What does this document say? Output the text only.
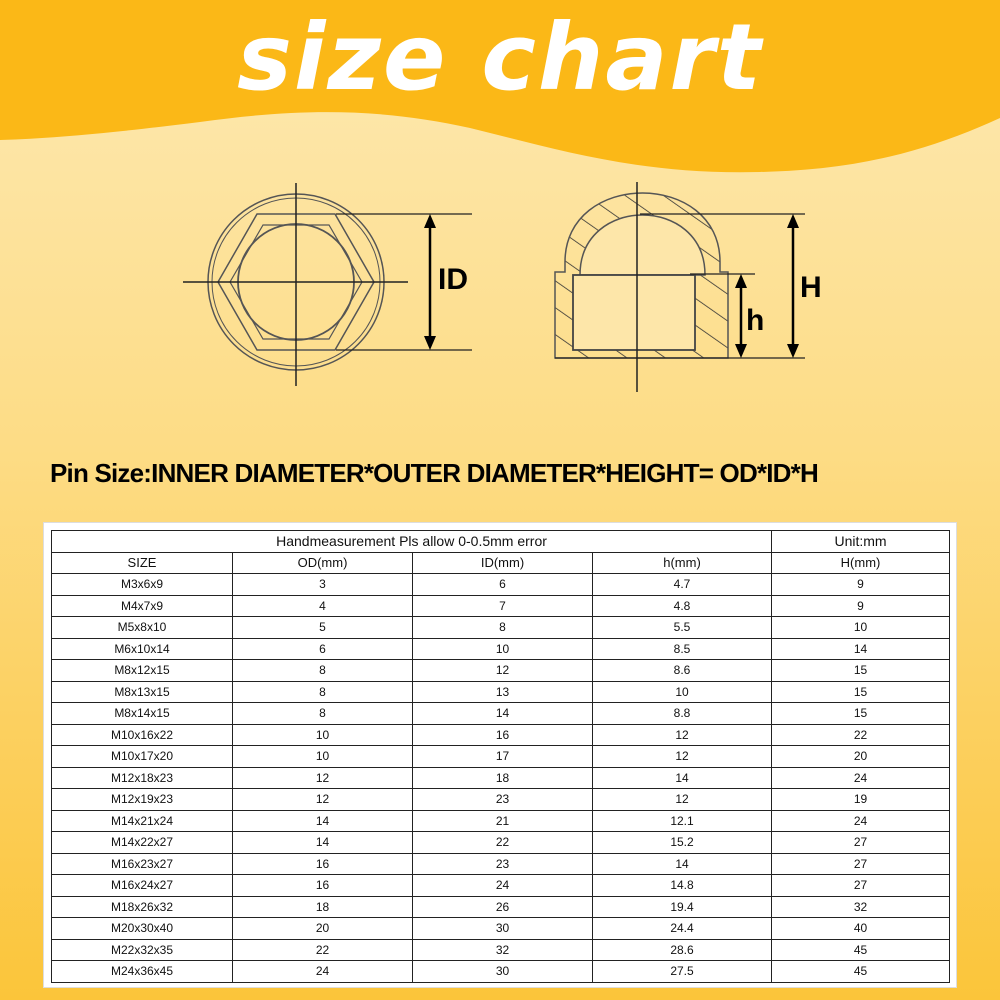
size chart
ID
h
H
Pin Size:INNER DIAMETER*OUTER DIAMETER*HEIGHT= OD*ID*H
Handmeasurement Pls allow 0-0.5mm error				Unit:mm
SIZE	OD(mm)	ID(mm)	h(mm)	H(mm)
M3x6x9	3	6	4.7	9
M4x7x9	4	7	4.8	9
M5x8x10	5	8	5.5	10
M6x10x14	6	10	8.5	14
M8x12x15	8	12	8.6	15
M8x13x15	8	13	10	15
M8x14x15	8	14	8.8	15
M10x16x22	10	16	12	22
M10x17x20	10	17	12	20
M12x18x23	12	18	14	24
M12x19x23	12	23	12	19
M14x21x24	14	21	12.1	24
M14x22x27	14	22	15.2	27
M16x23x27	16	23	14	27
M16x24x27	16	24	14.8	27
M18x26x32	18	26	19.4	32
M20x30x40	20	30	24.4	40
M22x32x35	22	32	28.6	45
M24x36x45	24	30	27.5	45
